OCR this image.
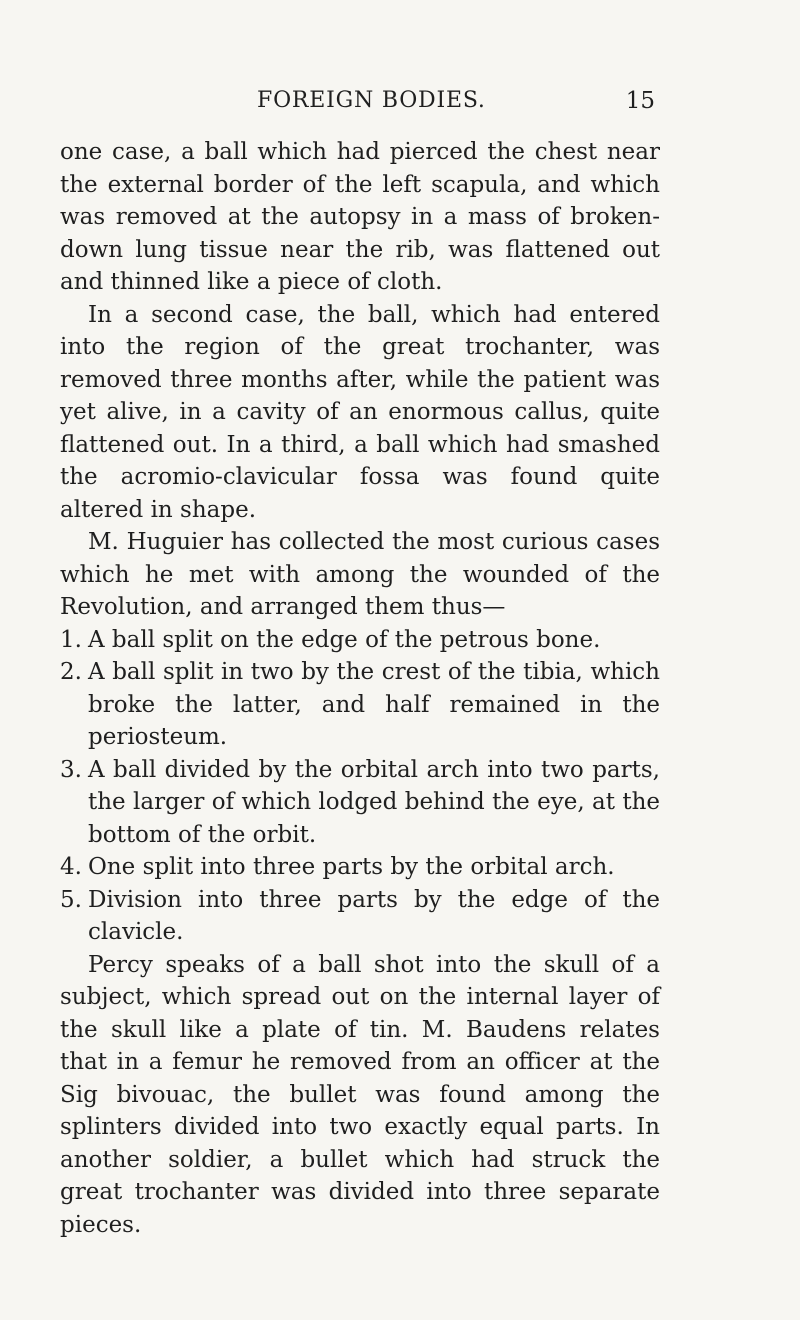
FOREIGN BODIES.	15

one case, a ball which had pierced the chest near the external border of the left scapula, and which was removed at the autopsy in a mass of broken-down lung tissue near the rib, was flattened out and thinned like a piece of cloth.

In a second case, the ball, which had entered into the region of the great trochanter, was removed three months after, while the patient was yet alive, in a cavity of an enormous callus, quite flattened out. In a third, a ball which had smashed the acromio-clavicular fossa was found quite altered in shape.

M. Huguier has collected the most curious cases which he met with among the wounded of the Revolution, and arranged them thus—

1. A ball split on the edge of the petrous bone.
2. A ball split in two by the crest of the tibia, which broke the latter, and half remained in the periosteum.
3. A ball divided by the orbital arch into two parts, the larger of which lodged behind the eye, at the bottom of the orbit.
4. One split into three parts by the orbital arch.
5. Division into three parts by the edge of the clavicle.

Percy speaks of a ball shot into the skull of a subject, which spread out on the internal layer of the skull like a plate of tin. M. Baudens relates that in a femur he removed from an officer at the Sig bivouac, the bullet was found among the splinters divided into two exactly equal parts. In another soldier, a bullet which had struck the great trochanter was divided into three separate pieces.
